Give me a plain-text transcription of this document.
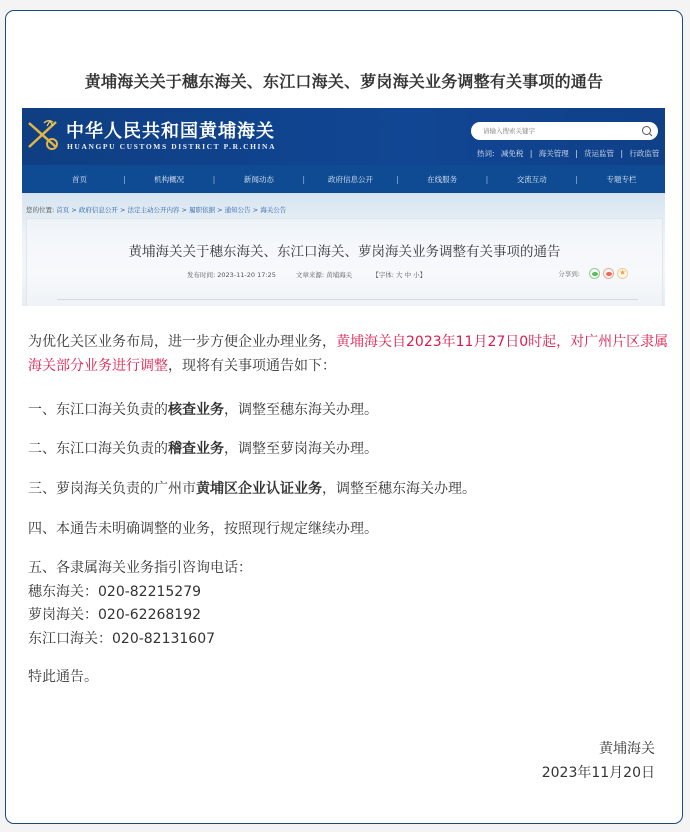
黄埔海关关于穗东海关、东江口海关、萝岗海关业务调整有关事项的通告
中华人民共和国黄埔海关
HUANGPU CUSTOMS DISTRICT P.R.CHINA
请输入搜索关键字
热词: 减免税 | 海关管理 | 货运监管 | 行政监管
首页	|	机构概况	|	新闻动态	|	政府信息公开	|	在线服务	|	交流互动	|	专题专栏
您的位置: 首页 > 政府信息公开 > 法定主动公开内容 > 履职依据 > 通知公告 > 海关公告
黄埔海关关于穗东海关、东江口海关、萝岗海关业务调整有关事项的通告
发布时间: 2023-11-20 17:25	文章来源: 黄埔海关	【字体: 大 中 小】	分享到:	★
为优化关区业务布局，进一步方便企业办理业务，黄埔海关自2023年11月27日0时起，对广州片区隶属海关部分业务进行调整，现将有关事项通告如下：
一、东江口海关负责的核查业务，调整至穗东海关办理。
二、东江口海关负责的稽查业务，调整至萝岗海关办理。
三、萝岗海关负责的广州市黄埔区企业认证业务，调整至穗东海关办理。
四、本通告未明确调整的业务，按照现行规定继续办理。
五、各隶属海关业务指引咨询电话：
穗东海关：020-82215279
萝岗海关：020-62268192
东江口海关：020-82131607
特此通告。
黄埔海关
2023年11月20日
